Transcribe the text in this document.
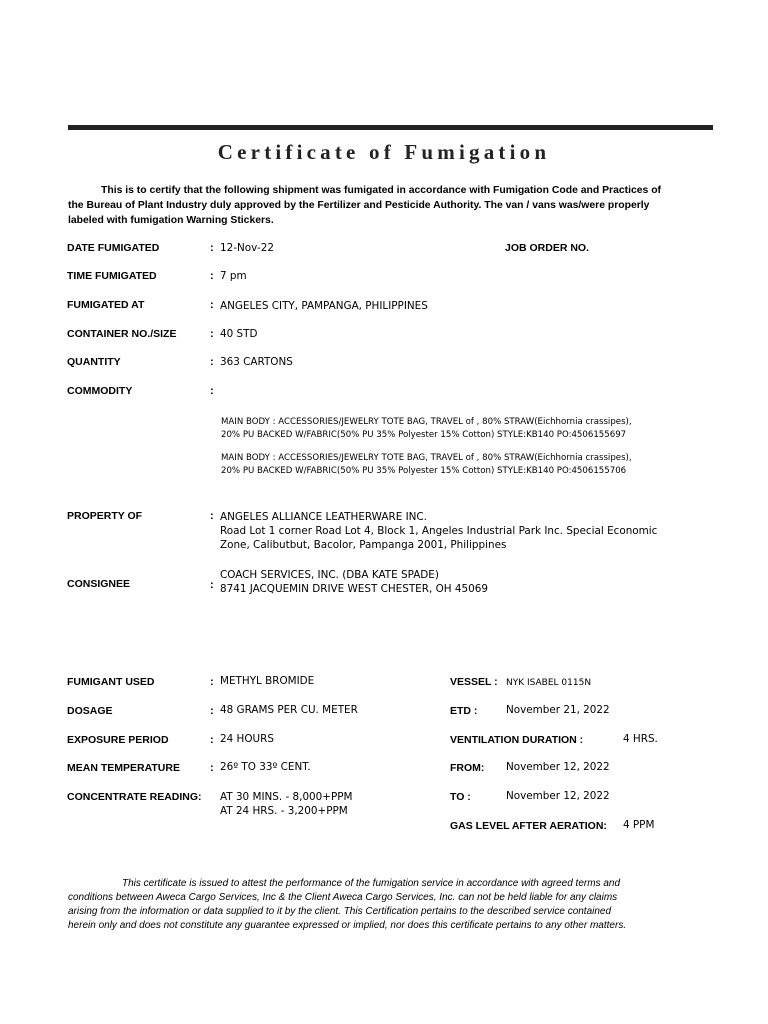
Certificate of Fumigation
This is to certify that the following shipment was fumigated in accordance with Fumigation Code and Practices of the Bureau of Plant Industry duly approved by the Fertilizer and Pesticide Authority. The van / vans was/were properly labeled with fumigation Warning Stickers.
DATE FUMIGATED	: 12-Nov-22	JOB ORDER NO.
TIME FUMIGATED	: 7 pm
FUMIGATED AT	: ANGELES CITY, PAMPANGA, PHILIPPINES
CONTAINER NO./SIZE	: 40 STD
QUANTITY	: 363 CARTONS
COMMODITY	:
MAIN BODY : ACCESSORIES/JEWELRY TOTE BAG, TRAVEL of , 80% STRAW(Eichhornia crassipes),
20% PU BACKED W/FABRIC(50% PU 35% Polyester 15% Cotton) STYLE:KB140 PO:4506155697
MAIN BODY : ACCESSORIES/JEWELRY TOTE BAG, TRAVEL of , 80% STRAW(Eichhornia crassipes),
20% PU BACKED W/FABRIC(50% PU 35% Polyester 15% Cotton) STYLE:KB140 PO:4506155706
PROPERTY OF	: ANGELES ALLIANCE LEATHERWARE INC.
Road Lot 1 corner Road Lot 4, Block 1, Angeles Industrial Park Inc. Special Economic
Zone, Calibutbut, Bacolor, Pampanga 2001, Philippines
CONSIGNEE	:
COACH SERVICES, INC. (DBA KATE SPADE)
8741 JACQUEMIN DRIVE WEST CHESTER, OH 45069
FUMIGANT USED	: METHYL BROMIDE
DOSAGE	: 48 GRAMS PER CU. METER
EXPOSURE PERIOD	: 24 HOURS
MEAN TEMPERATURE	: 26º TO 33º CENT.
CONCENTRATE READING: AT 30 MINS. - 8,000+PPM
AT 24 HRS. - 3,200+PPM
VESSEL : NYK ISABEL 0115N
ETD :	November 21, 2022
VENTILATION DURATION :	4 HRS.
FROM: November 12, 2022
TO :	November 12, 2022
GAS LEVEL AFTER AERATION: 4 PPM
This certificate is issued to attest the performance of the fumigation service in accordance with agreed terms and conditions between Aweca Cargo Services, Inc & the Client Aweca Cargo Services, Inc. can not be held liable for any claims arising from the information or data supplied to it by the client. This Certification pertains to the described service contained herein only and does not constitute any guarantee expressed or implied, nor does this certificate pertains to any other matters.
